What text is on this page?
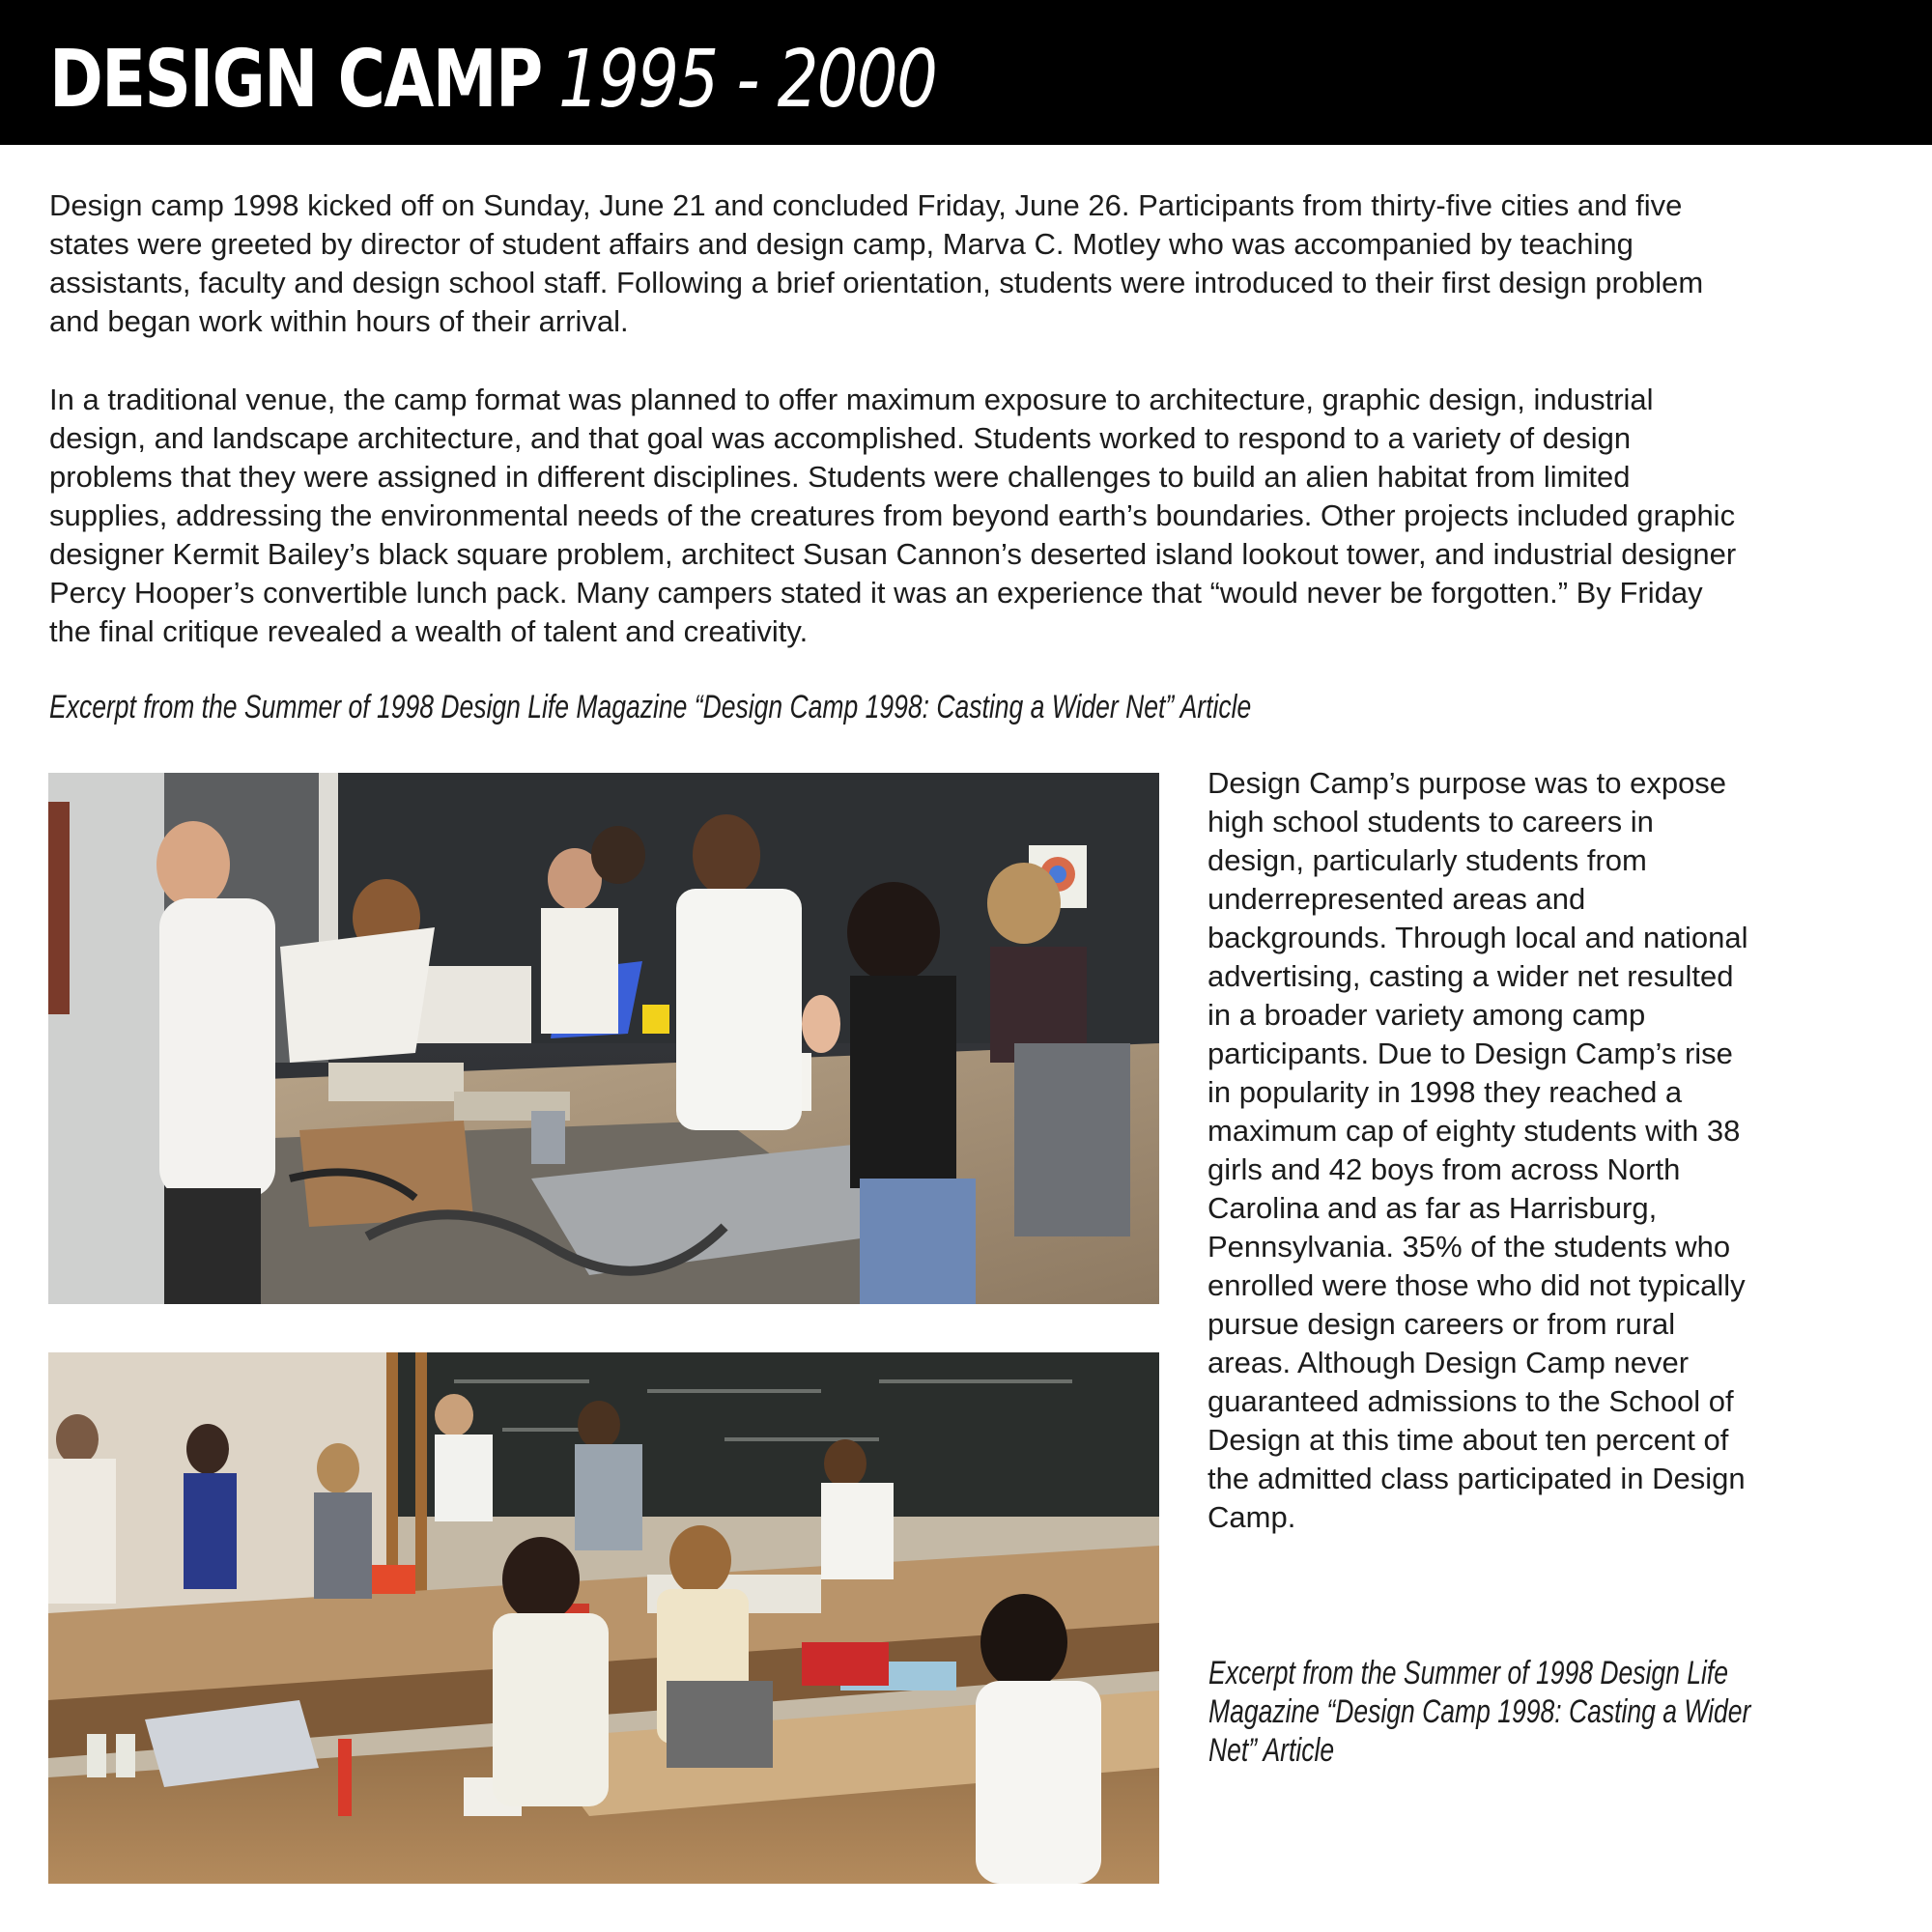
DESIGN CAMP 1995 - 2000

Design camp 1998 kicked off on Sunday, June 21 and concluded Friday, June 26. Participants from thirty-five cities and five states were greeted by director of student affairs and design camp, Marva C. Motley who was accompanied by teaching assistants, faculty and design school staff. Following a brief orientation, students were introduced to their first design problem and began work within hours of their arrival.

In a traditional venue, the camp format was planned to offer maximum exposure to architecture, graphic design, industrial design, and landscape architecture, and that goal was accomplished. Students worked to respond to a variety of design problems that they were assigned in different disciplines. Students were challenges to build an alien habitat from limited supplies, addressing the environmental needs of the creatures from beyond earth’s boundaries. Other projects included graphic designer Kermit Bailey’s black square problem, architect Susan Cannon’s deserted island lookout tower, and industrial designer Percy Hooper’s convertible lunch pack. Many campers stated it was an experience that “would never be forgotten.” By Friday the final critique revealed a wealth of talent and creativity.

Excerpt from the Summer of 1998 Design Life Magazine “Design Camp 1998: Casting a Wider Net” Article

Design Camp’s purpose was to expose high school students to careers in design, particularly students from underrepresented areas and backgrounds. Through local and national advertising, casting a wider net resulted in a broader variety among camp participants. Due to Design Camp’s rise in popularity in 1998 they reached a maximum cap of eighty students with 38 girls and 42 boys from across North Carolina and as far as Harrisburg, Pennsylvania. 35% of the students who enrolled were those who did not typically pursue design careers or from rural areas. Although Design Camp never guaranteed admissions to the School of Design at this time about ten percent of the admitted class participated in Design Camp.

Excerpt from the Summer of 1998 Design Life Magazine “Design Camp 1998: Casting a Wider Net” Article
